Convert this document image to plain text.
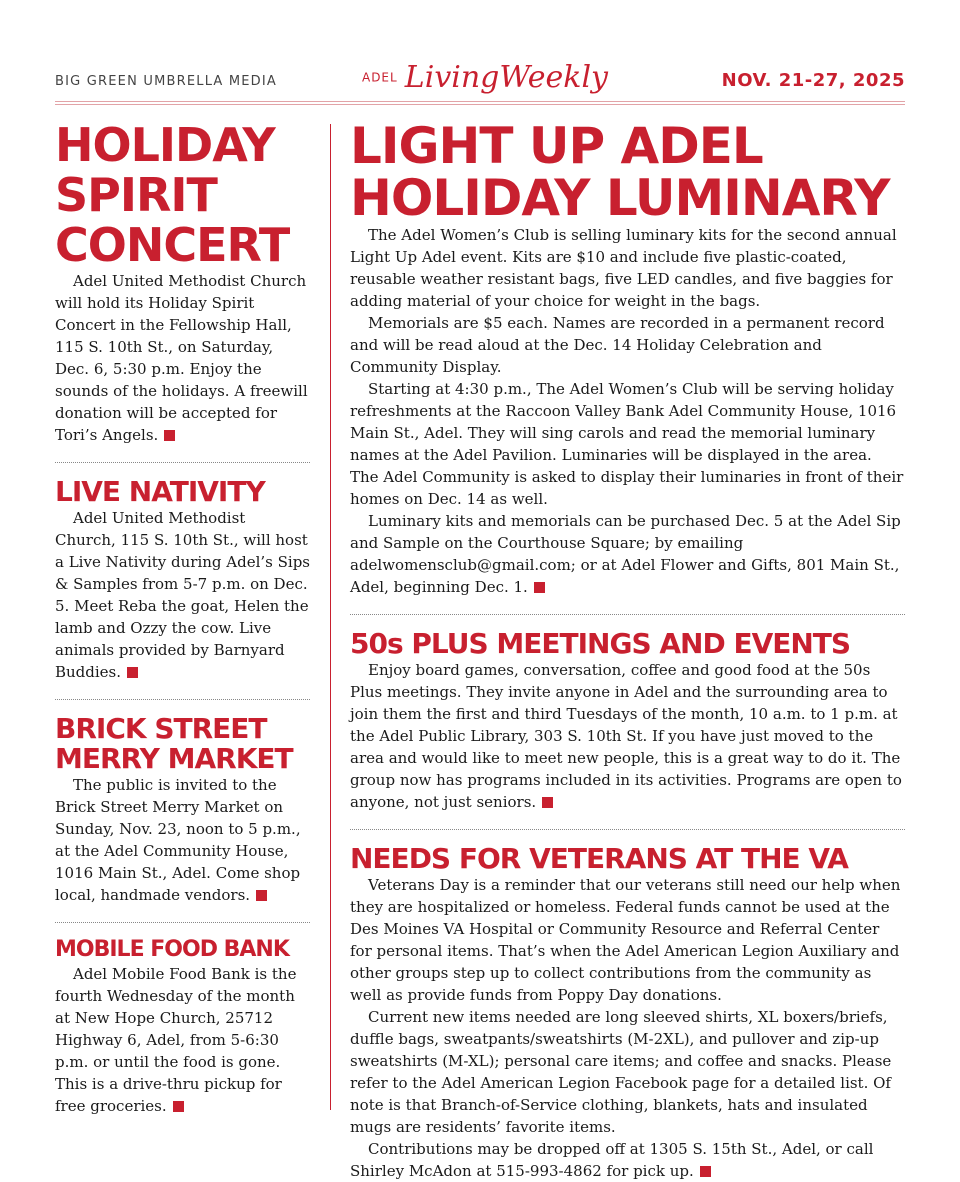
BIG GREEN UMBRELLA MEDIA	ADEL LivingWeekly	NOV. 21-27, 2025
HOLIDAY SPIRIT CONCERT

Adel United Methodist Church will hold its Holiday Spirit Concert in the Fellowship Hall, 115 S. 10th St., on Saturday, Dec. 6, 5:30 p.m. Enjoy the sounds of the holidays. A freewill donation will be accepted for Tori’s Angels.

LIVE NATIVITY

Adel United Methodist Church, 115 S. 10th St., will host a Live Nativity during Adel’s Sips & Samples from 5-7 p.m. on Dec. 5. Meet Reba the goat, Helen the lamb and Ozzy the cow. Live animals provided by Barnyard Buddies.

BRICK STREET MERRY MARKET

The public is invited to the Brick Street Merry Market on Sunday, Nov. 23, noon to 5 p.m., at the Adel Community House, 1016 Main St., Adel. Come shop local, handmade vendors.

MOBILE FOOD BANK

Adel Mobile Food Bank is the fourth Wednesday of the month at New Hope Church, 25712 Highway 6, Adel, from 5-6:30 p.m. or until the food is gone. This is a drive-thru pickup for free groceries.

LIGHT UP ADEL HOLIDAY LUMINARY

The Adel Women’s Club is selling luminary kits for the second annual Light Up Adel event. Kits are $10 and include five plastic-coated, reusable weather resistant bags, five LED candles, and five baggies for adding material of your choice for weight in the bags.

Memorials are $5 each. Names are recorded in a permanent record and will be read aloud at the Dec. 14 Holiday Celebration and Community Display.

Starting at 4:30 p.m., The Adel Women’s Club will be serving holiday refreshments at the Raccoon Valley Bank Adel Community House, 1016 Main St., Adel. They will sing carols and read the memorial luminary names at the Adel Pavilion. Luminaries will be displayed in the area. The Adel Community is asked to display their luminaries in front of their homes on Dec. 14 as well.

Luminary kits and memorials can be purchased Dec. 5 at the Adel Sip and Sample on the Courthouse Square; by emailing adelwomensclub@gmail.com; or at Adel Flower and Gifts, 801 Main St., Adel, beginning Dec. 1.

50s PLUS MEETINGS AND EVENTS

Enjoy board games, conversation, coffee and good food at the 50s Plus meetings. They invite anyone in Adel and the surrounding area to join them the first and third Tuesdays of the month, 10 a.m. to 1 p.m. at the Adel Public Library, 303 S. 10th St. If you have just moved to the area and would like to meet new people, this is a great way to do it. The group now has programs included in its activities. Programs are open to anyone, not just seniors.

NEEDS FOR VETERANS AT THE VA

Veterans Day is a reminder that our veterans still need our help when they are hospitalized or homeless. Federal funds cannot be used at the Des Moines VA Hospital or Community Resource and Referral Center for personal items. That’s when the Adel American Legion Auxiliary and other groups step up to collect contributions from the community as well as provide funds from Poppy Day donations.

Current new items needed are long sleeved shirts, XL boxers/briefs, duffle bags, sweatpants/sweatshirts (M-2XL), and pullover and zip-up sweatshirts (M-XL); personal care items; and coffee and snacks. Please refer to the Adel American Legion Facebook page for a detailed list. Of note is that Branch-of-Service clothing, blankets, hats and insulated mugs are residents’ favorite items.

Contributions may be dropped off at 1305 S. 15th St., Adel, or call Shirley McAdon at 515-993-4862 for pick up.
